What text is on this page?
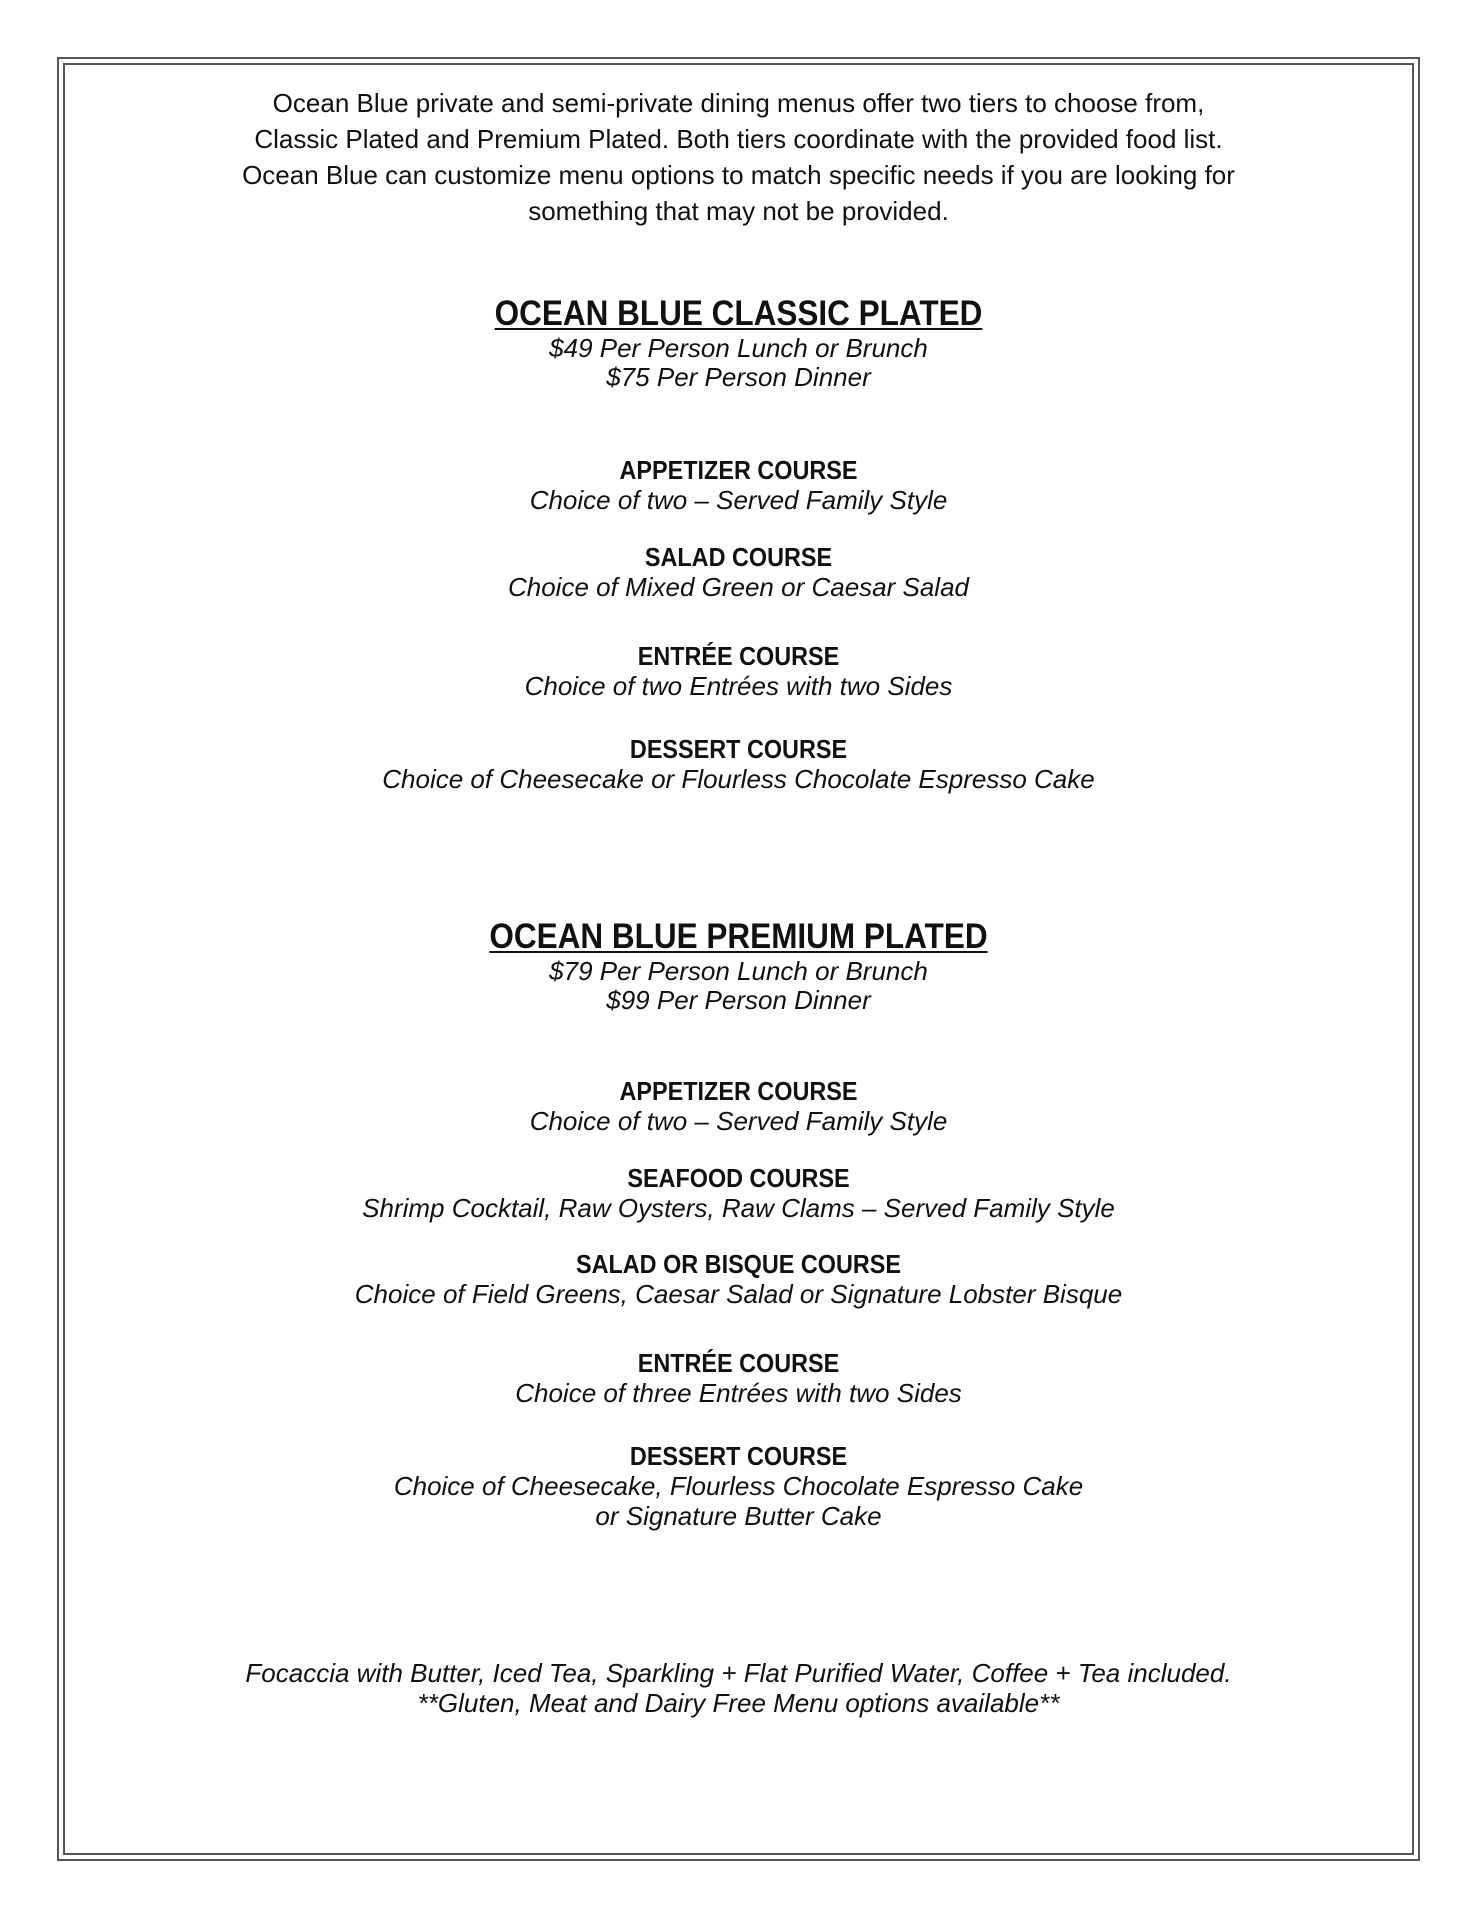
Ocean Blue private and semi-private dining menus offer two tiers to choose from,
Classic Plated and Premium Plated. Both tiers coordinate with the provided food list.
Ocean Blue can customize menu options to match specific needs if you are looking for
something that may not be provided.
OCEAN BLUE CLASSIC PLATED
$49 Per Person Lunch or Brunch
$75 Per Person Dinner
APPETIZER COURSE
Choice of two – Served Family Style
SALAD COURSE
Choice of Mixed Green or Caesar Salad
ENTRÉE COURSE
Choice of two Entrées with two Sides
DESSERT COURSE
Choice of Cheesecake or Flourless Chocolate Espresso Cake
OCEAN BLUE PREMIUM PLATED
$79 Per Person Lunch or Brunch
$99 Per Person Dinner
APPETIZER COURSE
Choice of two – Served Family Style
SEAFOOD COURSE
Shrimp Cocktail, Raw Oysters, Raw Clams – Served Family Style
SALAD OR BISQUE COURSE
Choice of Field Greens, Caesar Salad or Signature Lobster Bisque
ENTRÉE COURSE
Choice of three Entrées with two Sides
DESSERT COURSE
Choice of Cheesecake, Flourless Chocolate Espresso Cake
or Signature Butter Cake
Focaccia with Butter, Iced Tea, Sparkling + Flat Purified Water, Coffee + Tea included.
**Gluten, Meat and Dairy Free Menu options available**
